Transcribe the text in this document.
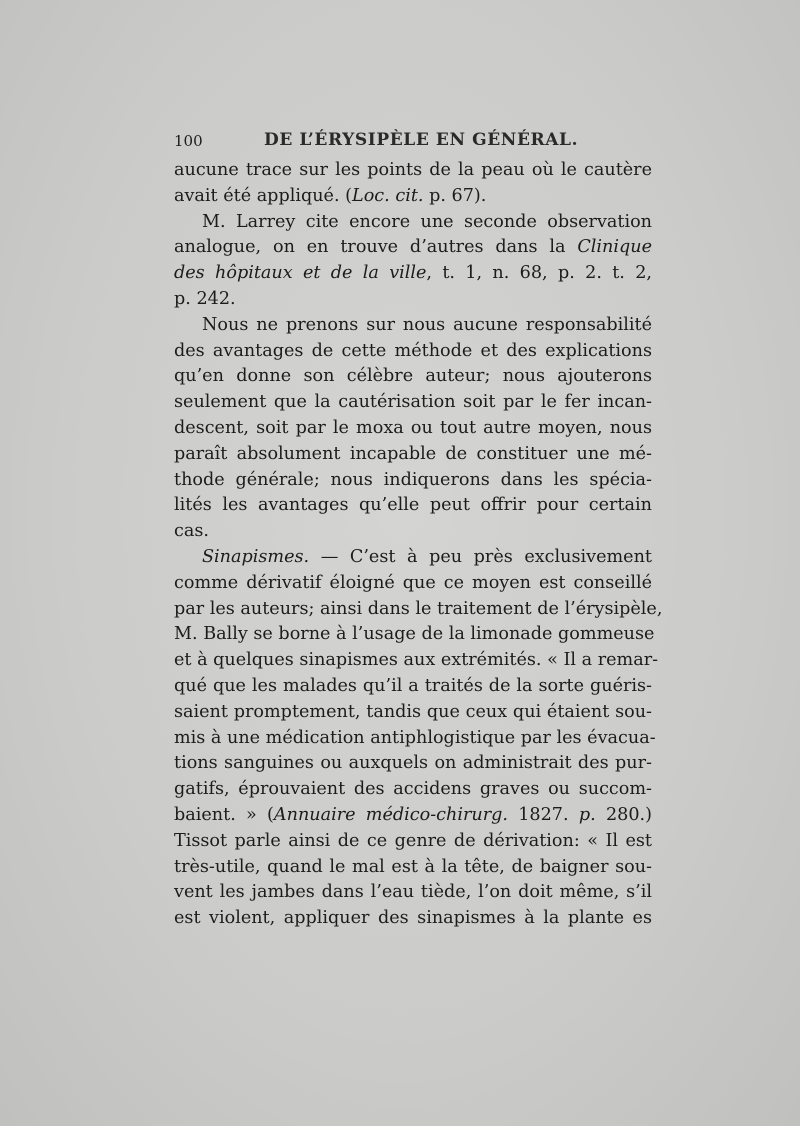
100	DE L’ÉRYSIPÈLE EN GÉNÉRAL.
aucune trace sur les points de la peau où le cautère
avait été appliqué. (Loc. cit. p. 67).
M. Larrey cite encore une seconde observation
analogue, on en trouve d’autres dans la Clinique
des hôpitaux et de la ville, t. 1, n. 68, p. 2. t. 2,
p. 242.
Nous ne prenons sur nous aucune responsabilité
des avantages de cette méthode et des explications
qu’en donne son célèbre auteur; nous ajouterons
seulement que la cautérisation soit par le fer incan-
descent, soit par le moxa ou tout autre moyen, nous
paraît absolument incapable de constituer une mé-
thode générale; nous indiquerons dans les spécia-
lités les avantages qu’elle peut offrir pour certain
cas.
Sinapismes. — C’est à peu près exclusivement
comme dérivatif éloigné que ce moyen est conseillé
par les auteurs; ainsi dans le traitement de l’érysipèle,
M. Bally se borne à l’usage de la limonade gommeuse
et à quelques sinapismes aux extrémités. « Il a remar-
qué que les malades qu’il a traités de la sorte guéris-
saient promptement, tandis que ceux qui étaient sou-
mis à une médication antiphlogistique par les évacua-
tions sanguines ou auxquels on administrait des pur-
gatifs, éprouvaient des accidens graves ou succom-
baient. » (Annuaire médico-chirurg. 1827. p. 280.)
Tissot parle ainsi de ce genre de dérivation: « Il est
très-utile, quand le mal est à la tête, de baigner sou-
vent les jambes dans l’eau tiède, l’on doit même, s’il
est violent, appliquer des sinapismes à la plante es
